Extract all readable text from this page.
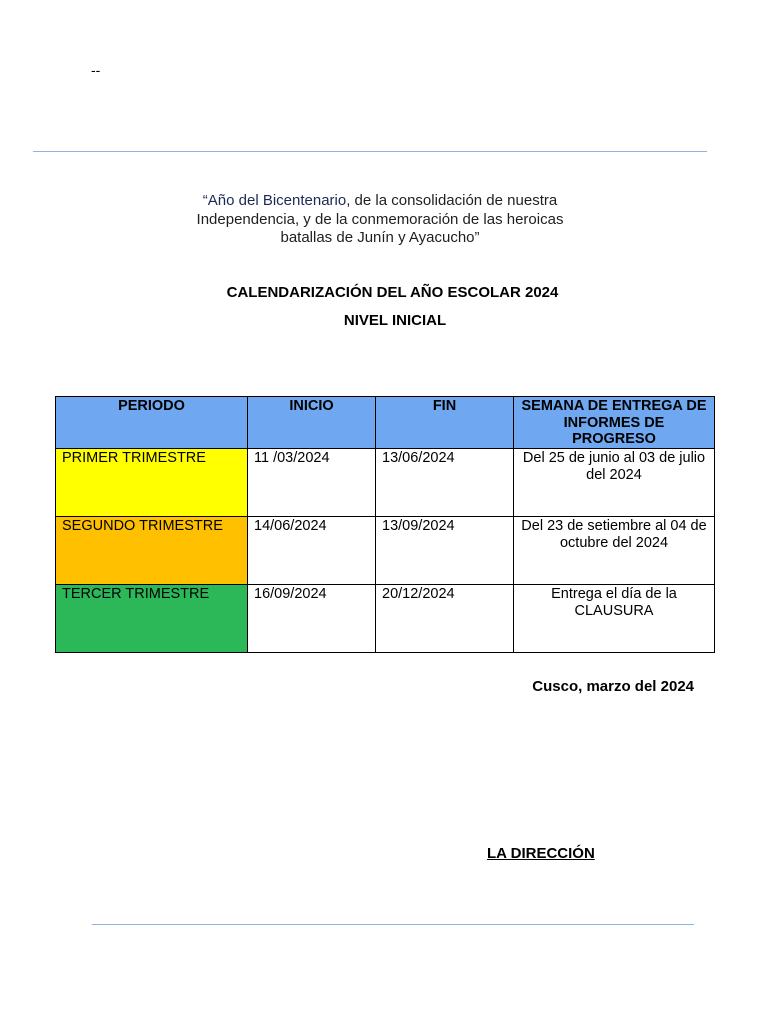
--
“Año del Bicentenario, de la consolidación de nuestra
Independencia, y de la conmemoración de las heroicas
batallas de Junín y Ayacucho”
CALENDARIZACIÓN DEL AÑO ESCOLAR 2024
NIVEL INICIAL
PERIODO	INICIO	FIN	SEMANA DE ENTREGA DE INFORMES DE PROGRESO
PRIMER TRIMESTRE	11 /03/2024	13/06/2024	Del 25 de junio al 03 de julio del 2024
SEGUNDO TRIMESTRE	14/06/2024	13/09/2024	Del 23 de setiembre al 04 de octubre del 2024
TERCER TRIMESTRE	16/09/2024	20/12/2024	Entrega el día de la CLAUSURA
Cusco, marzo del 2024
LA DIRECCIÓN
